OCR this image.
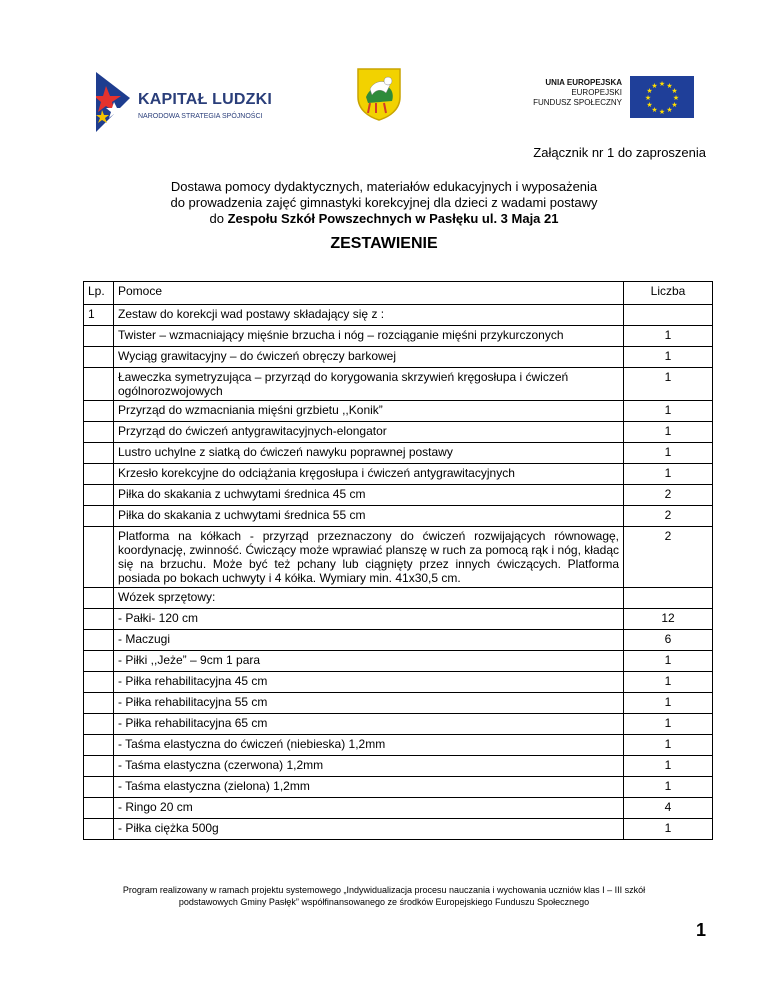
KAPITAŁ LUDZKI
NARODOWA STRATEGIA SPÓJNOŚCI
UNIA EUROPEJSKA
EUROPEJSKI
FUNDUSZ SPOŁECZNY
★ ★
★
★
★
★
★
★
★
★
★
★
Załącznik nr 1 do zaproszenia
Dostawa pomocy dydaktycznych, materiałów edukacyjnych i wyposażenia
do prowadzenia zajęć gimnastyki korekcyjnej dla dzieci z wadami postawy
do Zespołu Szkół Powszechnych w Pasłęku ul. 3 Maja 21
ZESTAWIENIE
Lp.	Pomoce	Liczba
1	Zestaw do korekcji wad postawy składający się z :	
	Twister – wzmacniający mięśnie brzucha i nóg – rozciąganie mięśni przykurczonych	1
	Wyciąg grawitacyjny – do ćwiczeń obręczy barkowej	1
	Ławeczka symetryzująca – przyrząd do korygowania skrzywień kręgosłupa i ćwiczeń ogólnorozwojowych	1
	Przyrząd do wzmacniania mięśni grzbietu ,,Konik”	1
	Przyrząd do ćwiczeń antygrawitacyjnych-elongator	1
	Lustro uchylne z siatką do ćwiczeń nawyku poprawnej postawy	1
	Krzesło korekcyjne do odciążania kręgosłupa i ćwiczeń antygrawitacyjnych	1
	Piłka do skakania z uchwytami średnica 45 cm	2
	Piłka do skakania z uchwytami średnica 55 cm	2
	Platforma na kółkach - przyrząd przeznaczony do ćwiczeń rozwijających równowagę, koordynację, zwinność. Ćwiczący może wprawiać planszę w ruch za pomocą rąk i nóg, kładąc się na brzuchu. Może być też pchany lub ciągnięty przez innych ćwiczących. Platforma posiada po bokach uchwyty i 4 kółka. Wymiary min. 41x30,5 cm.	2
	Wózek sprzętowy:	
	- Pałki- 120 cm	12
	- Maczugi	6
	- Piłki ,,Jeże” – 9cm 1 para	1
	- Piłka rehabilitacyjna 45 cm	1
	- Piłka rehabilitacyjna 55 cm	1
	- Piłka rehabilitacyjna 65 cm	1
	- Taśma elastyczna do ćwiczeń (niebieska) 1,2mm	1
	- Taśma elastyczna (czerwona) 1,2mm	1
	- Taśma elastyczna (zielona) 1,2mm	1
	- Ringo 20 cm	4
	- Piłka ciężka 500g	1
Program realizowany w ramach projektu systemowego „Indywidualizacja procesu nauczania i wychowania uczniów klas I – III szkół
podstawowych Gminy Pasłęk” współfinansowanego ze środków Europejskiego Funduszu Społecznego
1
